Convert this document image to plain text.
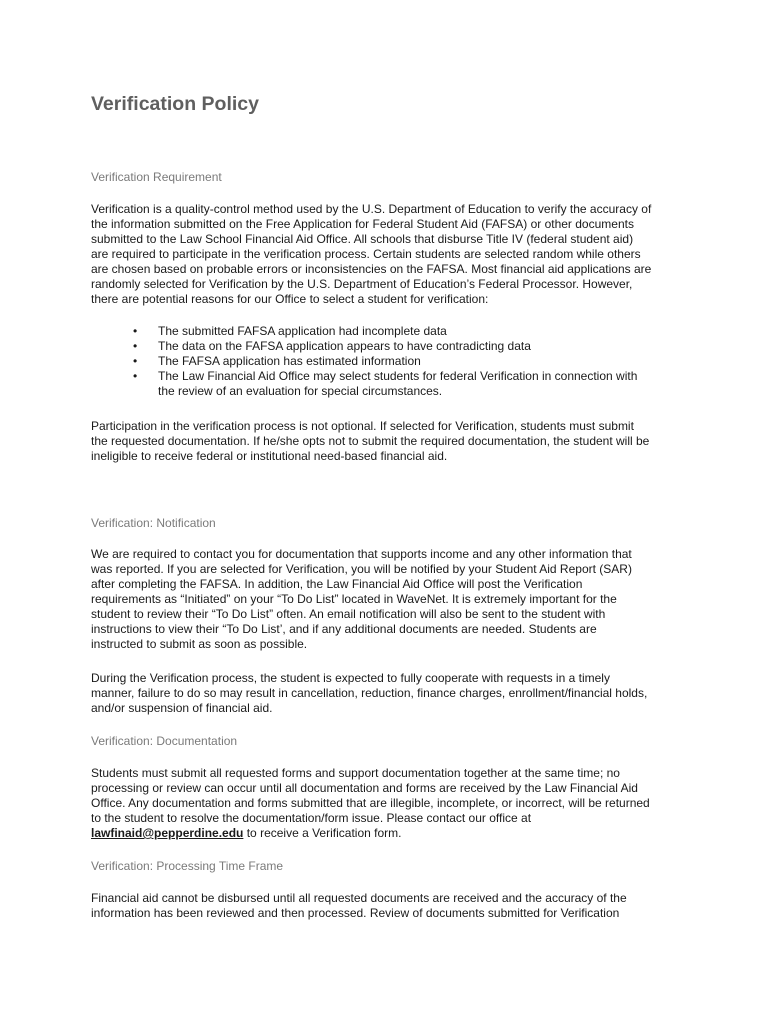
Verification Policy
Verification Requirement

Verification is a quality-control method used by the U.S. Department of Education to verify the accuracy of
the information submitted on the Free Application for Federal Student Aid (FAFSA) or other documents
submitted to the Law School Financial Aid Office. All schools that disburse Title IV (federal student aid)
are required to participate in the verification process. Certain students are selected random while others
are chosen based on probable errors or inconsistencies on the FAFSA. Most financial aid applications are
randomly selected for Verification by the U.S. Department of Education’s Federal Processor. However,
there are potential reasons for our Office to select a student for verification:

• The submitted FAFSA application had incomplete data
• The data on the FAFSA application appears to have contradicting data
• The FAFSA application has estimated information
• The Law Financial Aid Office may select students for federal Verification in connection with
the review of an evaluation for special circumstances.

Participation in the verification process is not optional. If selected for Verification, students must submit
the requested documentation. If he/she opts not to submit the required documentation, the student will be
ineligible to receive federal or institutional need-based financial aid.

Verification: Notification

We are required to contact you for documentation that supports income and any other information that
was reported. If you are selected for Verification, you will be notified by your Student Aid Report (SAR)
after completing the FAFSA. In addition, the Law Financial Aid Office will post the Verification
requirements as “Initiated” on your “To Do List” located in WaveNet. It is extremely important for the
student to review their “To Do List” often. An email notification will also be sent to the student with
instructions to view their “To Do List’, and if any additional documents are needed. Students are
instructed to submit as soon as possible.

During the Verification process, the student is expected to fully cooperate with requests in a timely
manner, failure to do so may result in cancellation, reduction, finance charges, enrollment/financial holds,
and/or suspension of financial aid.

Verification: Documentation

Students must submit all requested forms and support documentation together at the same time; no
processing or review can occur until all documentation and forms are received by the Law Financial Aid
Office. Any documentation and forms submitted that are illegible, incomplete, or incorrect, will be returned
to the student to resolve the documentation/form issue. Please contact our office at
lawfinaid@pepperdine.edu to receive a Verification form.

Verification: Processing Time Frame

Financial aid cannot be disbursed until all requested documents are received and the accuracy of the
information has been reviewed and then processed. Review of documents submitted for Verification
